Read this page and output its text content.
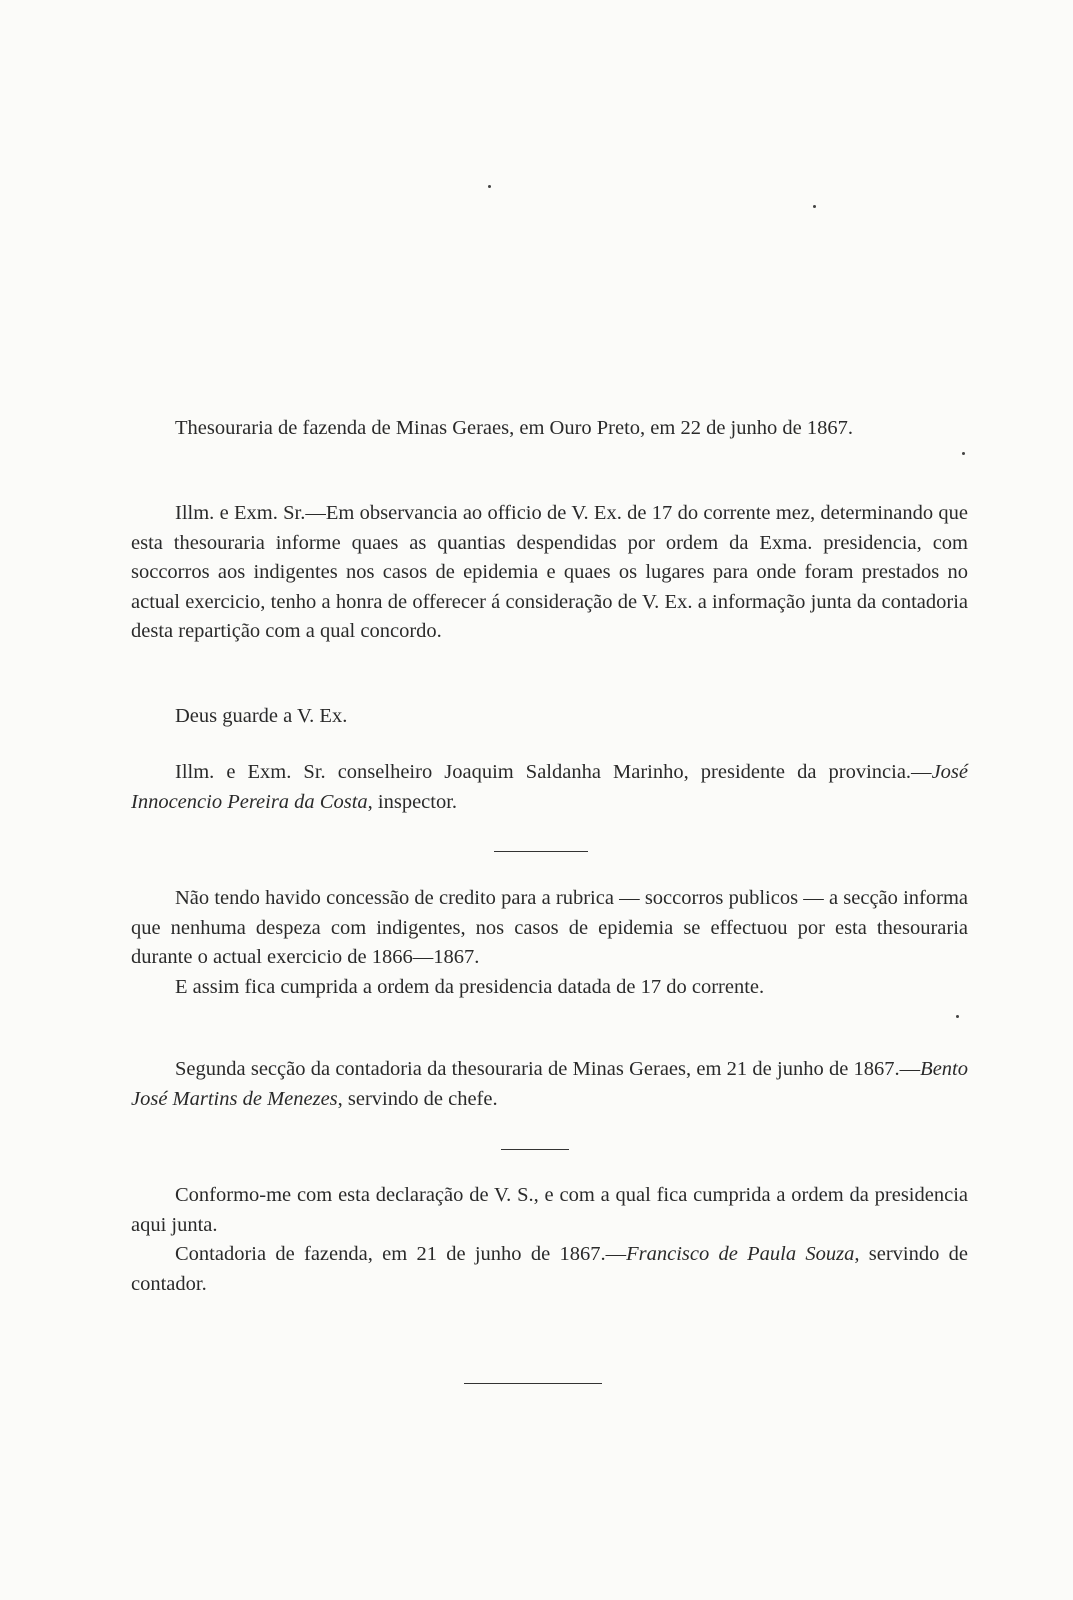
Thesouraria de fazenda de Minas Geraes, em Ouro Preto, em 22 de junho de 1867.

Illm. e Exm. Sr.—Em observancia ao officio de V. Ex. de 17 do corrente mez, determinando que esta thesouraria informe quaes as quantias despendidas por ordem da Exma. presidencia, com soccorros aos indigentes nos casos de epidemia e quaes os lugares para onde foram prestados no actual exercicio, tenho a honra de offerecer á consideração de V. Ex. a informação junta da contadoria desta repartição com a qual concordo.

Deus guarde a V. Ex.

Illm. e Exm. Sr. conselheiro Joaquim Saldanha Marinho, presidente da provincia.—José Innocencio Pereira da Costa, inspector.

Não tendo havido concessão de credito para a rubrica — soccorros publicos — a secção informa que nenhuma despeza com indigentes, nos casos de epidemia se effectuou por esta thesouraria durante o actual exercicio de 1866—1867.

E assim fica cumprida a ordem da presidencia datada de 17 do corrente.

Segunda secção da contadoria da thesouraria de Minas Geraes, em 21 de junho de 1867.—Bento José Martins de Menezes, servindo de chefe.

Conformo-me com esta declaração de V. S., e com a qual fica cumprida a ordem da presidencia aqui junta.

Contadoria de fazenda, em 21 de junho de 1867.—Francisco de Paula Souza, servindo de contador.
